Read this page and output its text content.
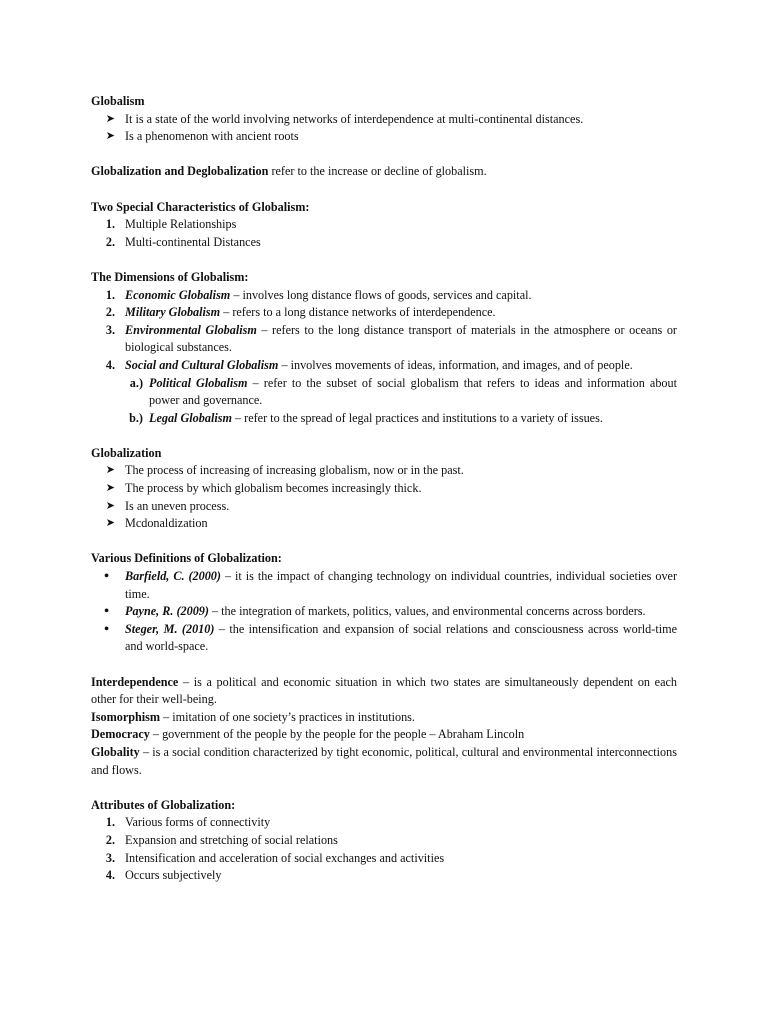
Globalism

➤ It is a state of the world involving networks of interdependence at multi-continental distances.
➤ Is a phenomenon with ancient roots

Globalization and Deglobalization refer to the increase or decline of globalism.

Two Special Characteristics of Globalism:

1. Multiple Relationships
2. Multi-continental Distances

The Dimensions of Globalism:

1. Economic Globalism – involves long distance flows of goods, services and capital.
2. Military Globalism – refers to a long distance networks of interdependence.
3. Environmental Globalism – refers to the long distance transport of materials in the atmosphere or oceans or biological substances.
4. Social and Cultural Globalism – involves movements of ideas, information, and images, and of people.
a.) Political Globalism – refer to the subset of social globalism that refers to ideas and information about power and governance.
b.) Legal Globalism – refer to the spread of legal practices and institutions to a variety of issues.

Globalization

➤ The process of increasing of increasing globalism, now or in the past.
➤ The process by which globalism becomes increasingly thick.
➤ Is an uneven process.
➤ Mcdonaldization

Various Definitions of Globalization:

•	Barfield, C. (2000) – it is the impact of changing technology on individual countries, individual societies over time.
•	Payne, R. (2009) – the integration of markets, politics, values, and environmental concerns across borders.
•	Steger, M. (2010) – the intensification and expansion of social relations and consciousness across world-time and world-space.

Interdependence – is a political and economic situation in which two states are simultaneously dependent on each other for their well-being.

Isomorphism – imitation of one society’s practices in institutions.

Democracy – government of the people by the people for the people – Abraham Lincoln

Globality – is a social condition characterized by tight economic, political, cultural and environmental interconnections and flows.

Attributes of Globalization:

1. Various forms of connectivity
2. Expansion and stretching of social relations
3. Intensification and acceleration of social exchanges and activities
4. Occurs subjectively
